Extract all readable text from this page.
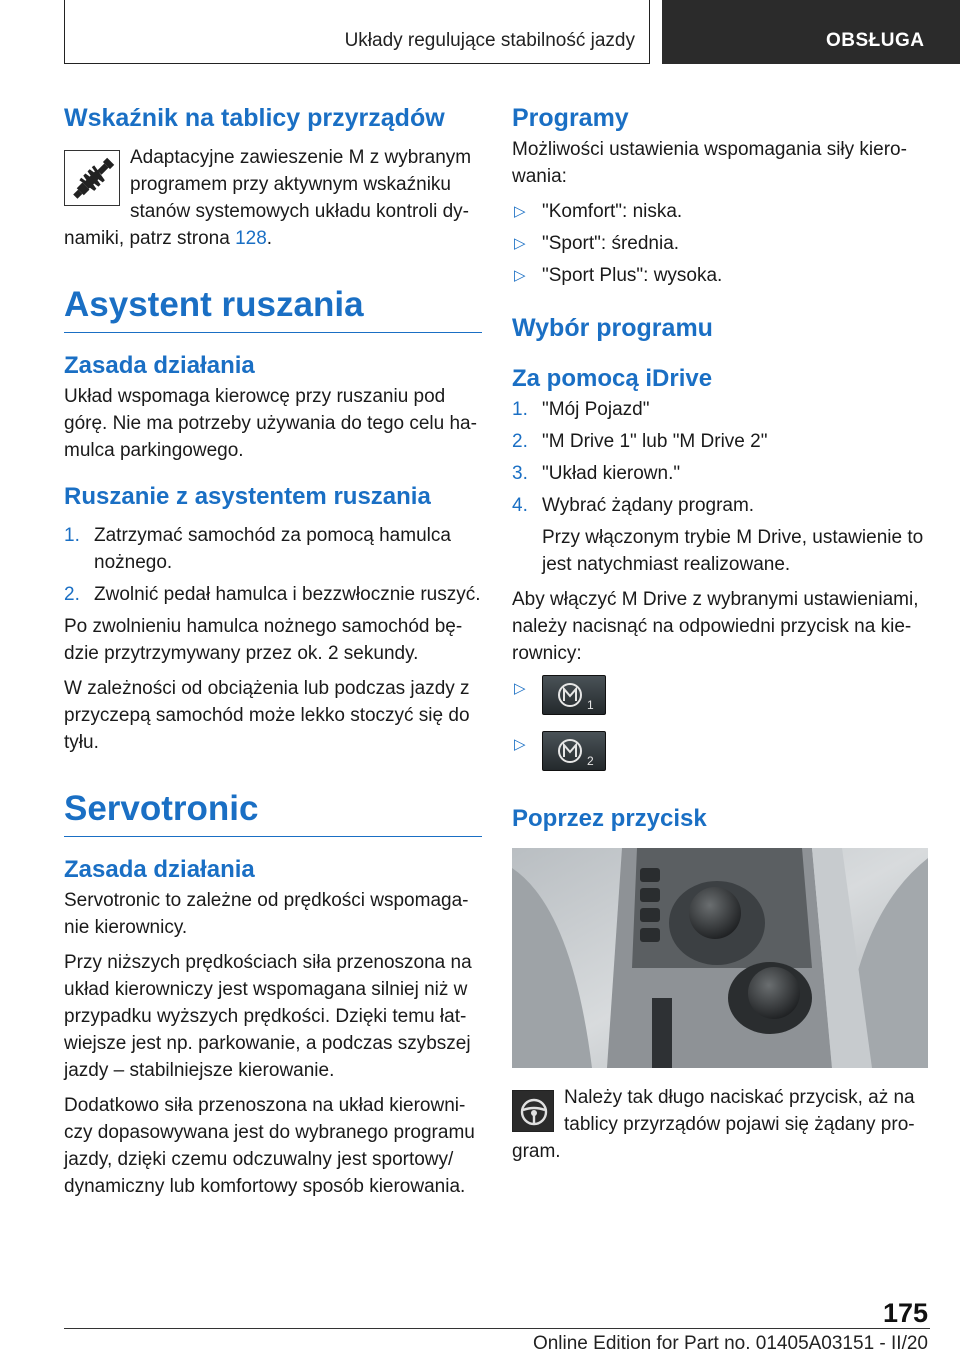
Układy regulujące stabilność jazdy	OBSŁUGA
Wskaźnik na tablicy przyrządów

Adaptacyjne zawieszenie M z wybranym programem przy aktywnym wskaźniku stanów systemowych układu kontroli dynamiki, patrz strona 128.

Asystent ruszania
Zasada działania

Układ wspomaga kierowcę przy ruszaniu pod górę. Nie ma potrzeby używania do tego celu hamulca parkingowego.

Ruszanie z asystentem ruszania
1. Zatrzymać samochód za pomocą hamulca nożnego.
2. Zwolnić pedał hamulca i bezzwłocznie ruszyć.

Po zwolnieniu hamulca nożnego samochód będzie przytrzymywany przez ok. 2 sekundy.

W zależności od obciążenia lub podczas jazdy z przyczepą samochód może lekko stoczyć się do tyłu.

Servotronic
Zasada działania

Servotronic to zależne od prędkości wspomaganie kierownicy.

Przy niższych prędkościach siła przenoszona na układ kierowniczy jest wspomagana silniej niż w przypadku wyższych prędkości. Dzięki temu łatwiejsze jest np. parkowanie, a podczas szybszej jazdy – stabilniejsze kierowanie.

Dodatkowo siła przenoszona na układ kierowniczy dopasowywana jest do wybranego programu jazdy, dzięki czemu odczuwalny jest sportowy/ dynamiczny lub komfortowy sposób kierowania.

Programy

Możliwości ustawienia wspomagania siły kierowania:

▷ "Komfort": niska.
▷ "Sport": średnia.
▷ "Sport Plus": wysoka.
Wybór programu
Za pomocą iDrive
1. "Mój Pojazd"
2. "M Drive 1" lub "M Drive 2"
3. "Układ kierown."
4. Wybrać żądany program.

Przy włączonym trybie M Drive, ustawienie to jest natychmiast realizowane.

Aby włączyć M Drive z wybranymi ustawieniami, należy nacisnąć na odpowiedni przycisk na kierownicy:

▷
1
▷
2
Poprzez przycisk

Należy tak długo naciskać przycisk, aż na tablicy przyrządów pojawi się żądany program.

175
Online Edition for Part no. 01405A03151 - II/20
